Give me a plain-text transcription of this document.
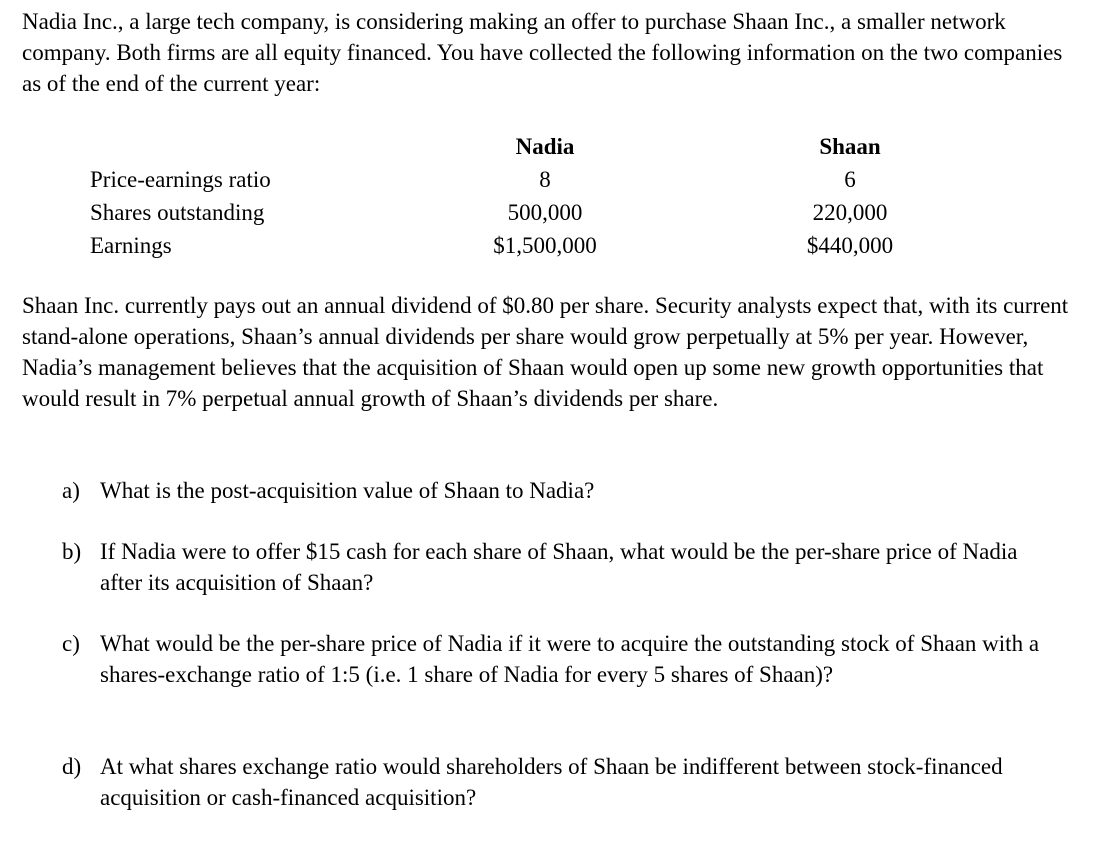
Nadia Inc., a large tech company, is considering making an offer to purchase Shaan Inc., a smaller network company. Both firms are all equity financed. You have collected the following information on the two companies as of the end of the current year:

	Nadia		Shaan
Price-earnings ratio	8		6
Shares outstanding	500,000		220,000
Earnings	$1,500,000		$440,000

Shaan Inc. currently pays out an annual dividend of $0.80 per share. Security analysts expect that, with its current stand-alone operations, Shaan’s annual dividends per share would grow perpetually at 5% per year. However, Nadia’s management believes that the acquisition of Shaan would open up some new growth opportunities that would result in 7% perpetual annual growth of Shaan’s dividends per share.

a) What is the post-acquisition value of Shaan to Nadia?
b) If Nadia were to offer $15 cash for each share of Shaan, what would be the per-share price of Nadia after its acquisition of Shaan?
c) What would be the per-share price of Nadia if it were to acquire the outstanding stock of Shaan with a shares-exchange ratio of 1:5 (i.e. 1 share of Nadia for every 5 shares of Shaan)?
d) At what shares exchange ratio would shareholders of Shaan be indifferent between stock-financed acquisition or cash-financed acquisition?
